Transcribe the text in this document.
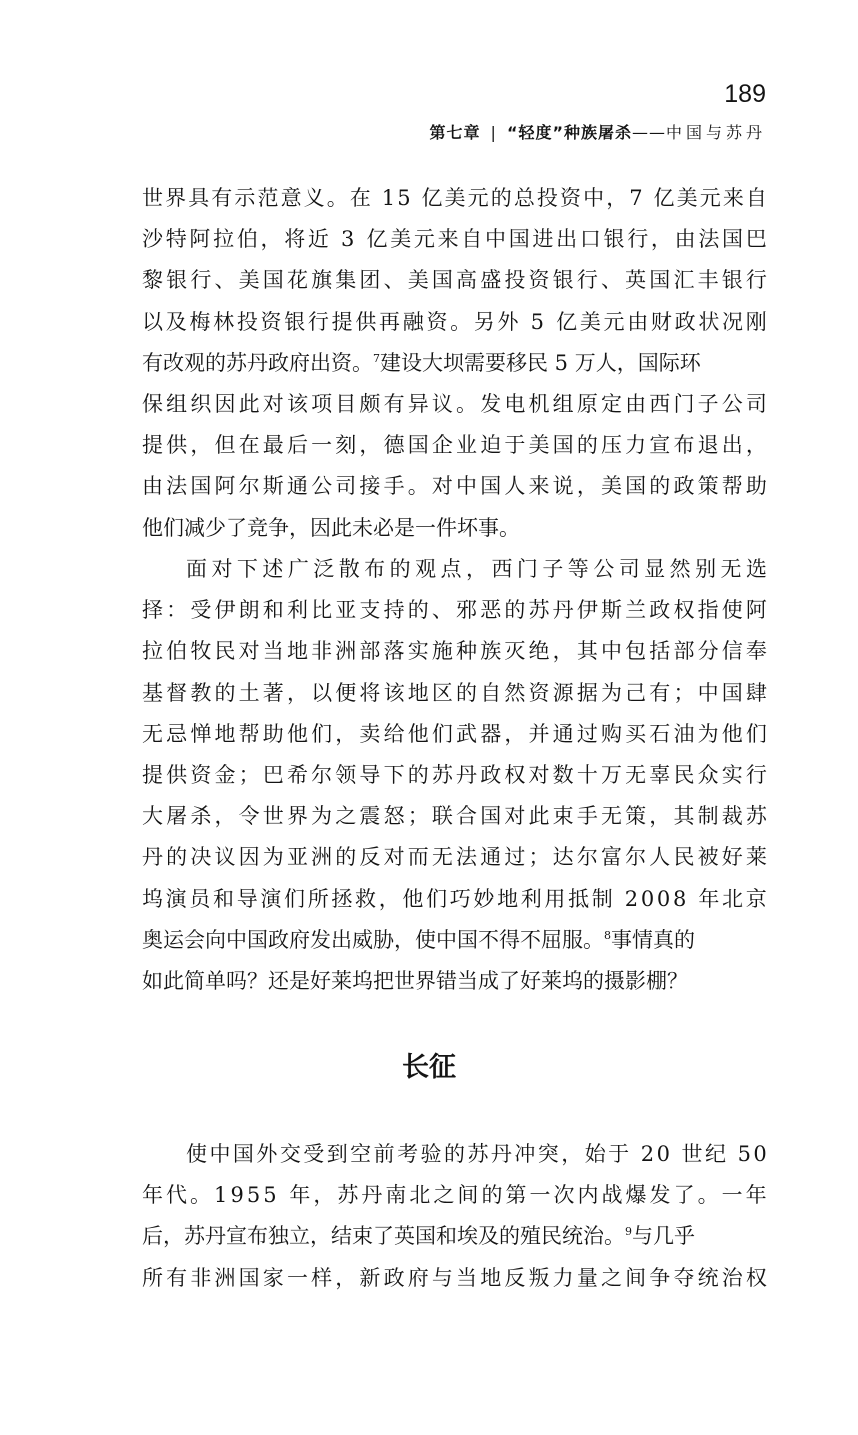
189
第七章 | “轻度”种族屠杀——中国与苏丹
世 界 具 有 示 范 意 义 。 在
1 5
亿 美 元 的 总 投 资 中 ， 7
亿 美 元 来 自
沙 特 阿 拉 伯 ， 将 近
3
亿 美 元 来 自 中 国 进 出 口 银 行 ， 由 法 国 巴
黎 银 行 、 美 国 花 旗 集 团 、 美 国 高 盛 投 资 银 行 、 英 国 汇 丰 银 行
以 及 梅 林 投 资 银 行 提 供 再 融 资 。 另 外
5
亿 美 元 由 财 政 状 况 刚
有改观的苏丹政府出资。$^7$建设大坝需要移民 5 万人，国际环
保 组 织 因 此 对 该 项 目 颇 有 异 议 。 发 电 机 组 原 定 由 西 门 子 公 司
提 供 ， 但 在 最 后 一 刻 ， 德 国 企 业 迫 于 美 国 的 压 力 宣 布 退 出 ，
由 法 国 阿 尔 斯 通 公 司 接 手 。 对 中 国 人 来 说 ， 美 国 的 政 策 帮 助
他们减少了竞争，因此未必是一件坏事。
面 对 下 述 广 泛 散 布 的 观 点 ， 西 门 子 等 公 司 显 然 别 无 选
择 ： 受 伊 朗 和 利 比 亚 支 持 的 、 邪 恶 的 苏 丹 伊 斯 兰 政 权 指 使 阿
拉 伯 牧 民 对 当 地 非 洲 部 落 实 施 种 族 灭 绝 ， 其 中 包 括 部 分 信 奉
基 督 教 的 土 著 ， 以 便 将 该 地 区 的 自 然 资 源 据 为 己 有 ； 中 国 肆
无 忌 惮 地 帮 助 他 们 ， 卖 给 他 们 武 器 ， 并 通 过 购 买 石 油 为 他 们
提 供 资 金 ； 巴 希 尔 领 导 下 的 苏 丹 政 权 对 数 十 万 无 辜 民 众 实 行
大 屠 杀 ， 令 世 界 为 之 震 怒 ； 联 合 国 对 此 束 手 无 策 ， 其 制 裁 苏
丹 的 决 议 因 为 亚 洲 的 反 对 而 无 法 通 过 ； 达 尔 富 尔 人 民 被 好 莱
坞 演 员 和 导 演 们 所 拯 救 ， 他 们 巧 妙 地 利 用 抵 制
2 0 0 8
年 北 京
奥运会向中国政府发出威胁，使中国不得不屈服。$^8$事情真的
如此简单吗？还是好莱坞把世界错当成了好莱坞的摄影棚？
长征
使 中 国 外 交 受 到 空 前 考 验 的 苏 丹 冲 突 ， 始 于
2 0
世 纪
5 0
年 代 。 1 9 5 5
年 ， 苏 丹 南 北 之 间 的 第 一 次 内 战 爆 发 了 。 一 年
后，苏丹宣布独立，结束了英国和埃及的殖民统治。$^9$与几乎
所 有 非 洲 国 家 一 样 ， 新 政 府 与 当 地 反 叛 力 量 之 间 争 夺 统 治 权
